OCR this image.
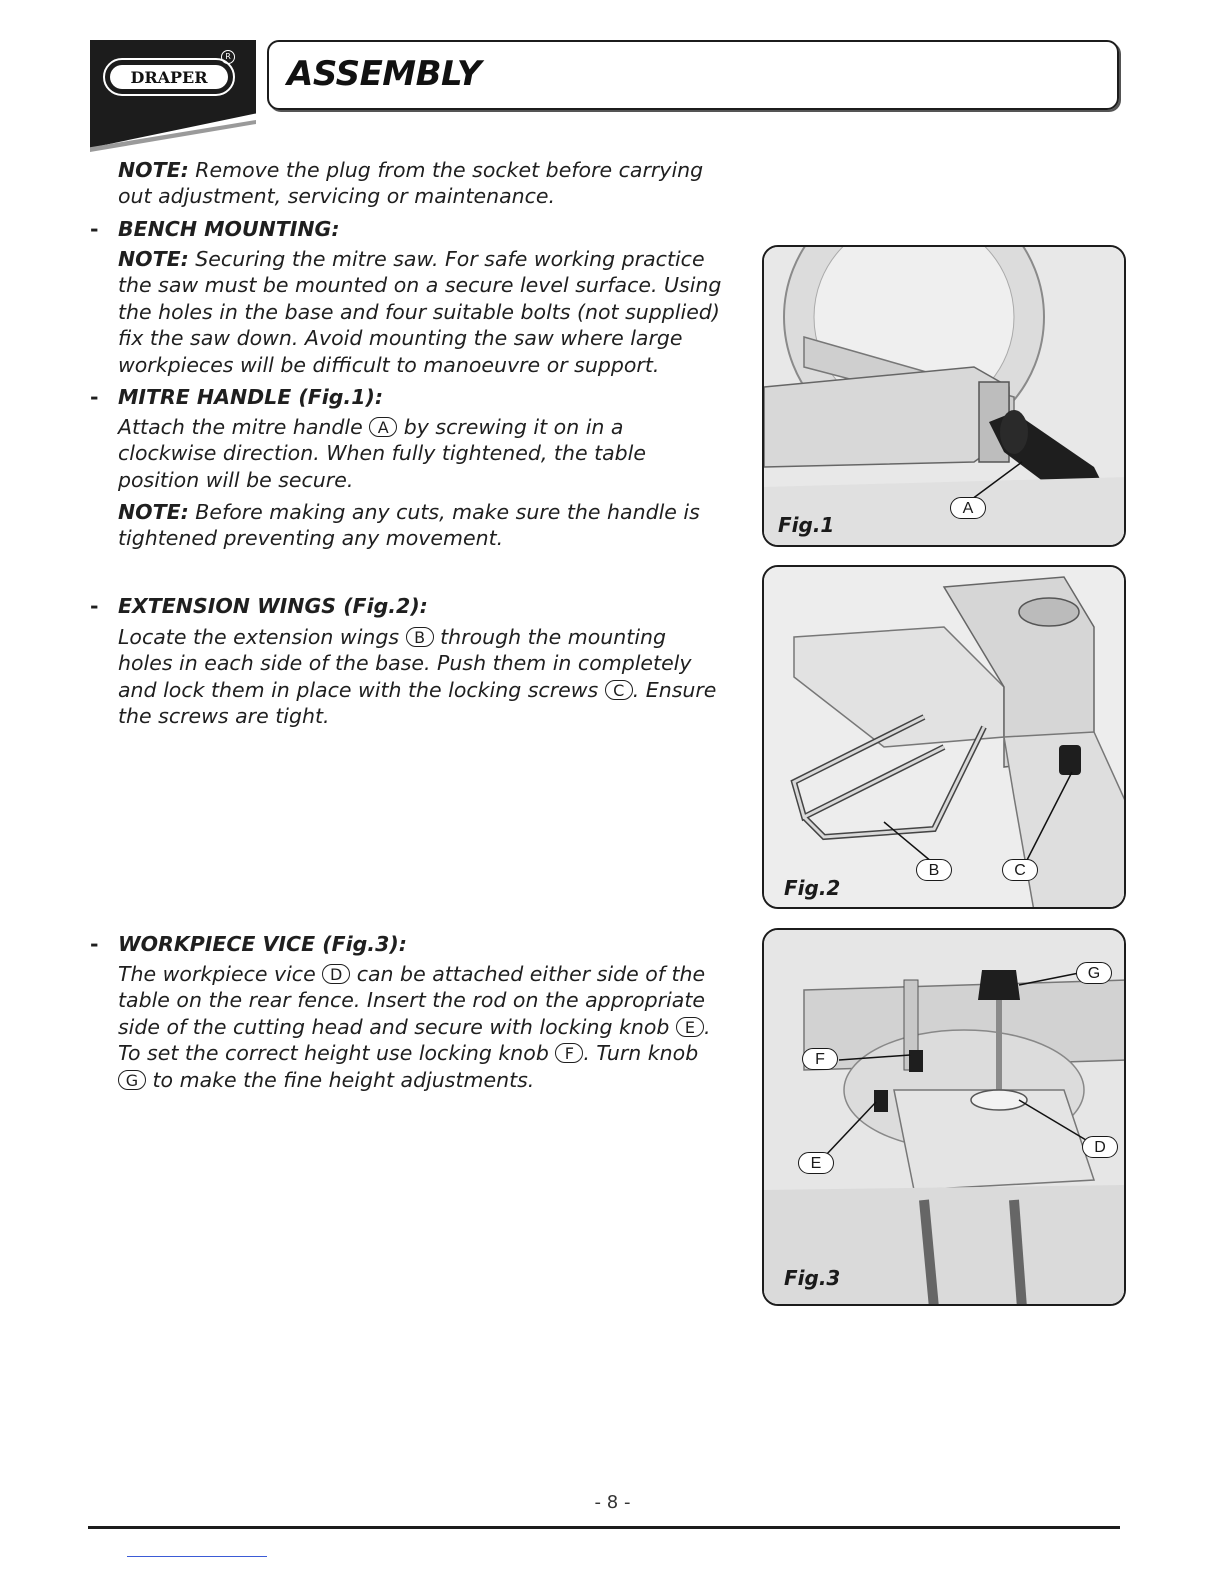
DRAPER
R ASSEMBLY
NOTE: Remove the plug from the socket before carrying
out adjustment, servicing or maintenance.
- BENCH MOUNTING:
NOTE: Securing the mitre saw. For safe working practice
the saw must be mounted on a secure level surface. Using
the holes in the base and four suitable bolts (not supplied)
fix the saw down. Avoid mounting the saw where large
workpieces will be difficult to manoeuvre or support.
- MITRE HANDLE (Fig.1):
Attach the mitre handle A by screwing it on in a
clockwise direction. When fully tightened, the table
position will be secure.
NOTE: Before making any cuts, make sure the handle is
tightened preventing any movement.
- EXTENSION WINGS (Fig.2):
Locate the extension wings B through the mounting
holes in each side of the base. Push them in completely
and lock them in place with the locking screws C . Ensure
the screws are tight.
- WORKPIECE VICE (Fig.3):
The workpiece vice D can be attached either side of the
table on the rear fence. Insert the rod on the appropriate
side of the cutting head and secure with locking knob E .
To set the correct height use locking knob F . Turn knob
G to make the fine height adjustments.
A
Fig.1
B	C
Fig.2
G
F
D
E
Fig.3
- 8 -
